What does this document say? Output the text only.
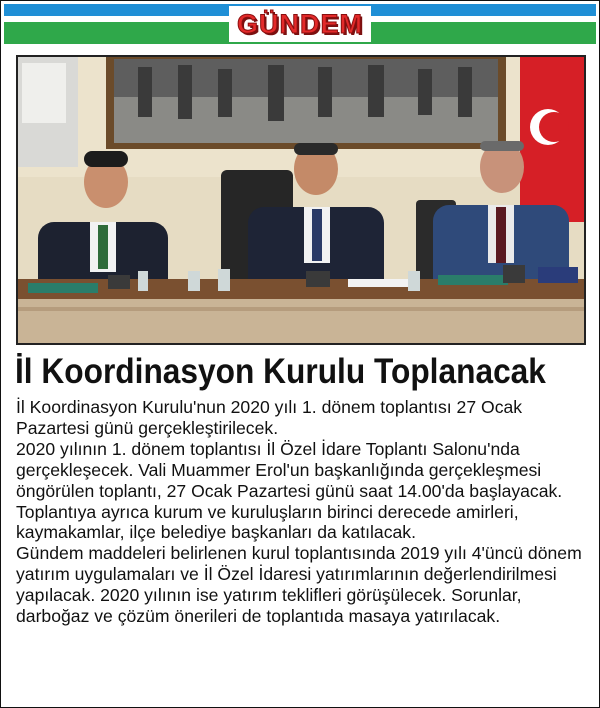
GÜNDEM
İl Koordinasyon Kurulu Toplanacak

İl Koordinasyon Kurulu'nun 2020 yılı 1. dönem toplantısı 27 Ocak Pazartesi günü gerçekleştirilecek.

2020 yılının 1. dönem toplantısı İl Özel İdare Toplantı Salonu'nda gerçekleşecek. Vali Muammer Erol'un başkanlığında gerçekleşmesi öngörülen toplantı, 27 Ocak Pazartesi günü saat 14.00'da başlayacak. Toplantıya ayrıca kurum ve kuruluşların birinci derecede amirleri, kaymakamlar, ilçe belediye başkanları da katılacak.

Gündem maddeleri belirlenen kurul toplantısında 2019 yılı 4'üncü dönem yatırım uygulamaları ve İl Özel İdaresi yatırımlarının değerlendirilmesi yapılacak. 2020 yılının ise yatırım teklifleri görüşülecek. Sorunlar, darboğaz ve çözüm önerileri de toplantıda masaya yatırılacak.
